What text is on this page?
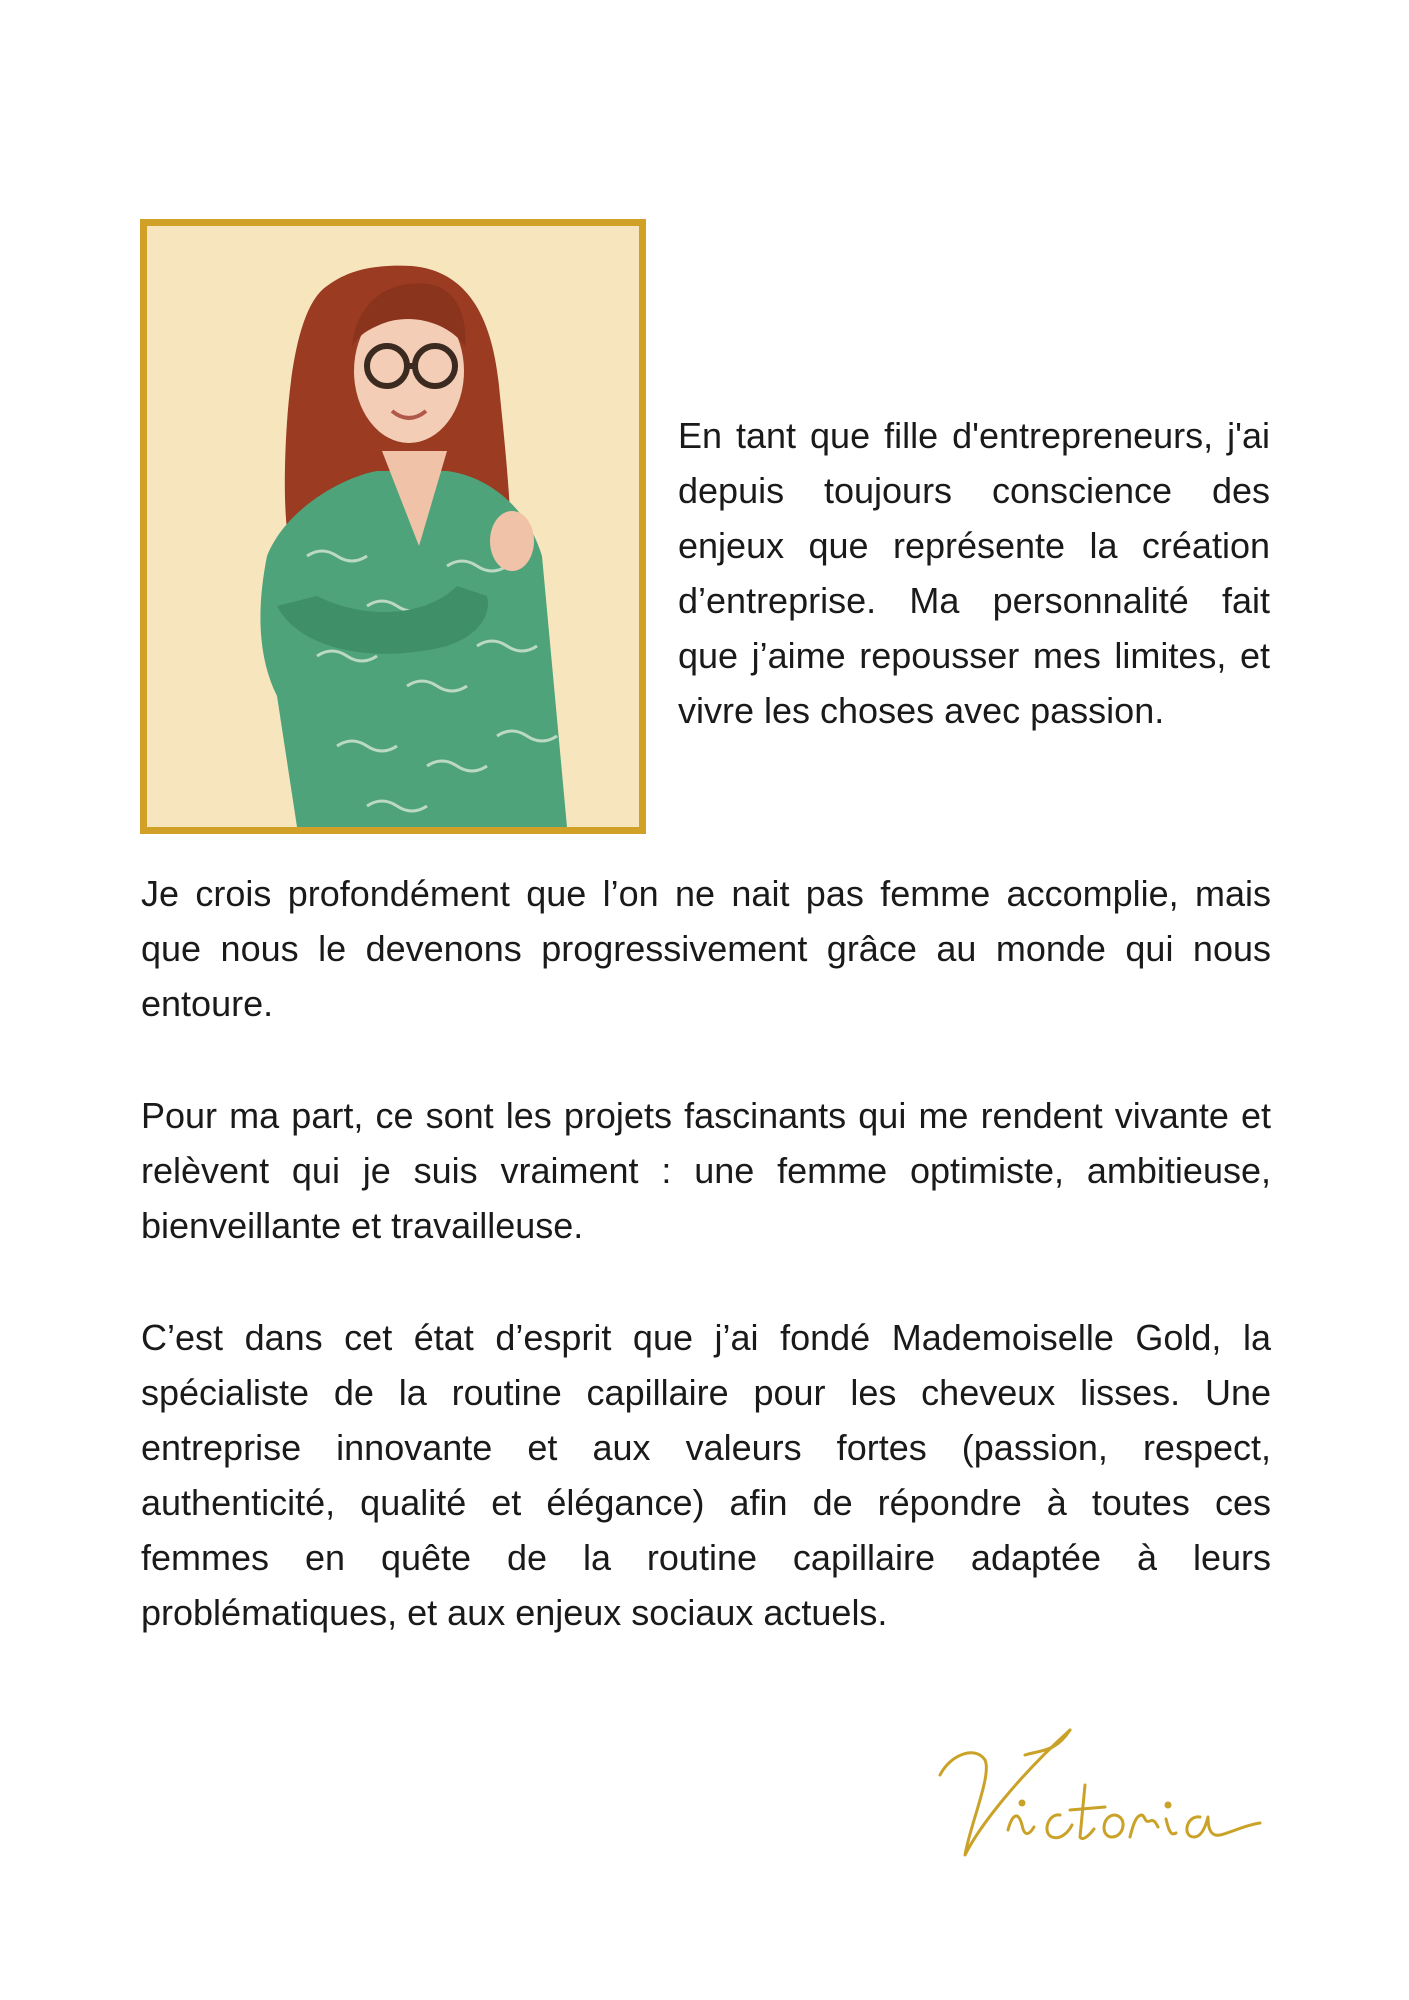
En tant que fille d'entrepreneurs, j'ai depuis toujours conscience des enjeux que représente la création d’entreprise. Ma personnalité fait que j’aime repousser mes limites, et vivre les choses avec passion.

Je crois profondément que l’on ne nait pas femme accomplie, mais que nous le devenons progressivement grâce au monde qui nous entoure.

Pour ma part, ce sont les projets fascinants qui me rendent vivante et relèvent qui je suis vraiment : une femme optimiste, ambitieuse, bienveillante et travailleuse.

C’est dans cet état d’esprit que j’ai fondé Mademoiselle Gold, la spécialiste de la routine capillaire pour les cheveux lisses. Une entreprise innovante et aux valeurs fortes (passion, respect, authenticité, qualité et élégance) afin de répondre à toutes ces femmes en quête de la routine capillaire adaptée à leurs problématiques, et aux enjeux sociaux actuels.
